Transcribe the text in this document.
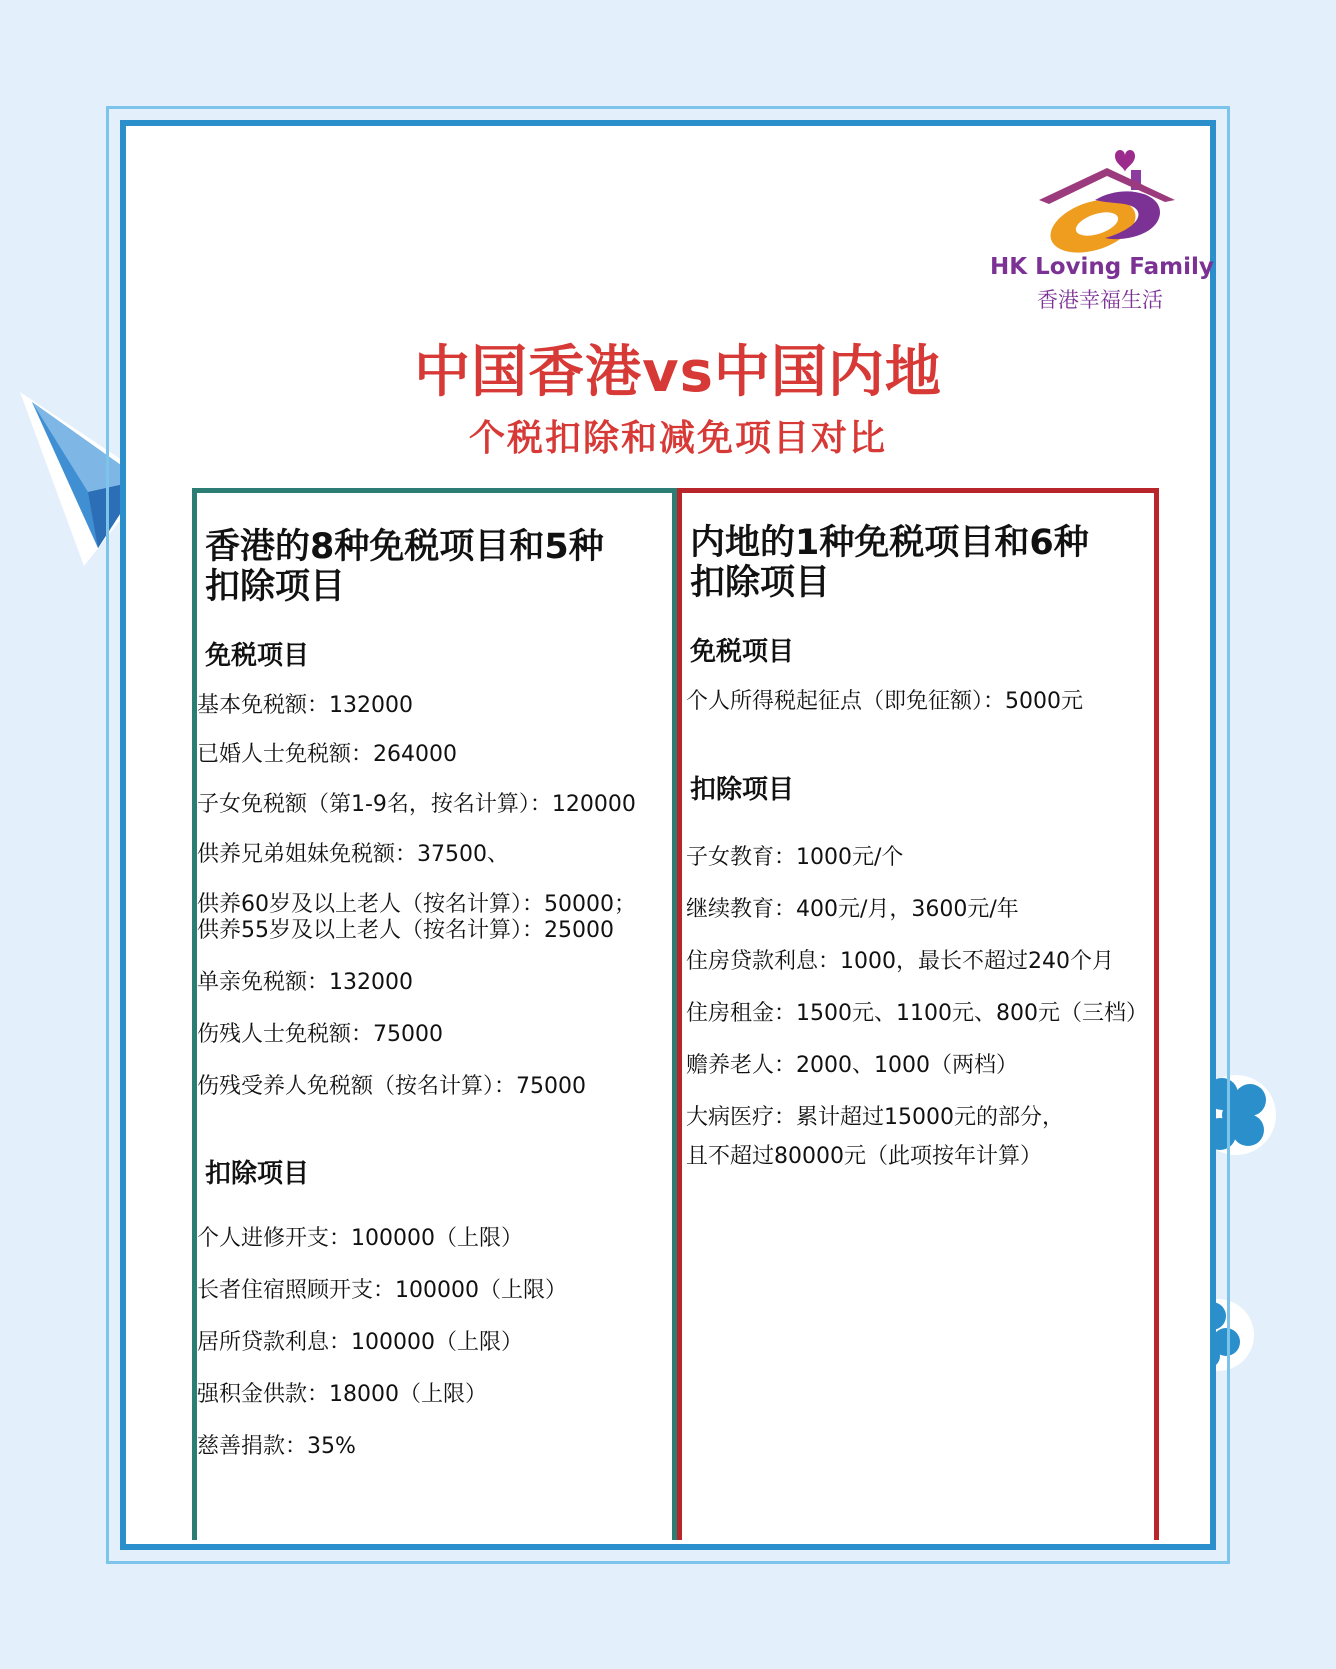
HK Loving Family
香港幸福生活
中国香港vs中国内地
个税扣除和减免项目对比
香港的8种免税项目和5种
扣除项目
免税项目
基本免税额：132000
已婚人士免税额：264000
子女免税额（第1-9名，按名计算）：120000
供养兄弟姐妹免税额：37500、
供养60岁及以上老人（按名计算）：50000；
供养55岁及以上老人（按名计算）：25000
单亲免税额：132000
伤残人士免税额：75000
伤残受养人免税额（按名计算）：75000
扣除项目
个人进修开支：100000（上限）
长者住宿照顾开支：100000（上限）
居所贷款利息：100000（上限）
强积金供款：18000（上限）
慈善捐款：35%
内地的1种免税项目和6种
扣除项目
免税项目
个人所得税起征点（即免征额）：5000元
扣除项目
子女教育：1000元/个
继续教育：400元/月，3600元/年
住房贷款利息：1000，最长不超过240个月
住房租金：1500元、1100元、800元（三档）
赡养老人：2000、1000（两档）
大病医疗：累计超过15000元的部分，
且不超过80000元（此项按年计算）
